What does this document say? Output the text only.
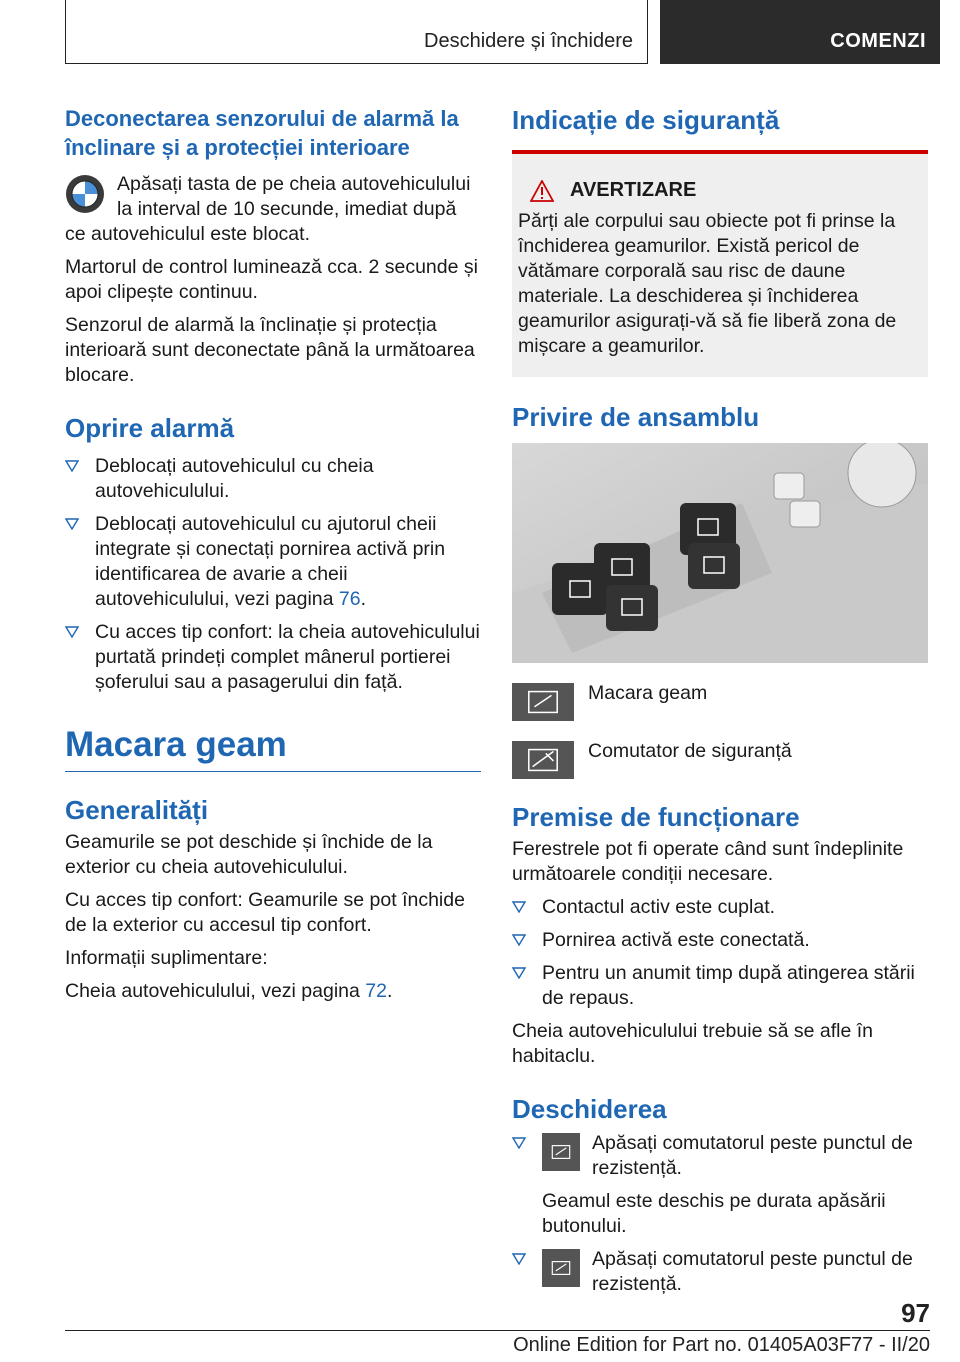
Deschidere și închidere	COMENZI
Deconectarea senzorului de alarmă la înclinare și a protecției interioare

Apăsați tasta de pe cheia autovehiculului la interval de 10 secunde, imediat după ce autovehiculul este blocat.

Martorul de control luminează cca. 2 secunde și apoi clipește continuu.

Senzorul de alarmă la înclinație și protecția interioară sunt deconectate până la următoarea blocare.

Oprire alarmă
Deblocați autovehiculul cu cheia autovehiculului.
Deblocați autovehiculul cu ajutorul cheii integrate și conectați pornirea activă prin identificarea de avarie a cheii autovehiculului, vezi pagina 76.
Cu acces tip confort: la cheia autovehiculului purtată prindeți complet mânerul portierei șoferului sau a pasagerului din față.
Macara geam
Generalități

Geamurile se pot deschide și închide de la exterior cu cheia autovehiculului.

Cu acces tip confort: Geamurile se pot închide de la exterior cu accesul tip confort.

Informații suplimentare:

Cheia autovehiculului, vezi pagina 72.

Indicație de siguranță
AVERTIZARE
Părți ale corpului sau obiecte pot fi prinse la închiderea geamurilor. Există pericol de vătămare corporală sau risc de daune materiale. La deschiderea și închiderea geamurilor asigurați-vă să fie liberă zona de mișcare a geamurilor.
Privire de ansamblu

Macara geam

Comutator de siguranță

Premise de funcționare

Ferestrele pot fi operate când sunt îndeplinite următoarele condiții necesare.

Contactul activ este cuplat.
Pornirea activă este conectată.
Pentru un anumit timp după atingerea stării de repaus.

Cheia autovehiculului trebuie să se afle în habitaclu.

Deschiderea
Apăsați comutatorul peste punctul de rezistență.
Geamul este deschis pe durata apăsării butonului.
Apăsați comutatorul peste punctul de rezistență.
97
Online Edition for Part no. 01405A03F77 - II/20
